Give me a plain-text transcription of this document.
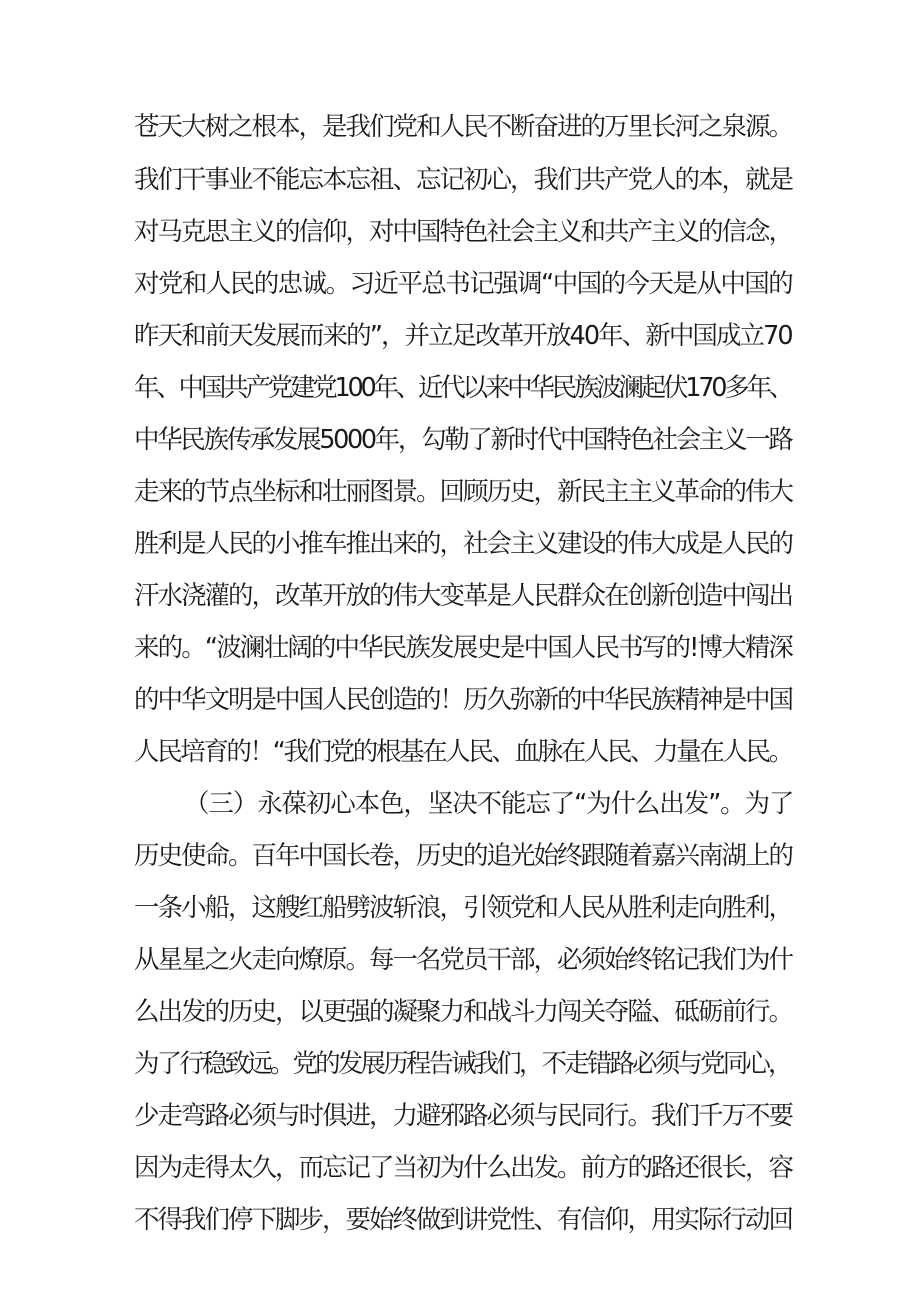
苍天大树之根本，是我们党和人民不断奋进的万里长河之泉源。
我们干事业不能忘本忘祖、忘记初心，我们共产党人的本，就是
对马克思主义的信仰，对中国特色社会主义和共产主义的信念，
对党和人民的忠诚。习近平总书记强调“中国的今天是从中国的
昨天和前天发展而来的”，并立足改革开放40年、新中国成立70
年、中国共产党建党100年、近代以来中华民族波澜起伏170多年、
中华民族传承发展5000年，勾勒了新时代中国特色社会主义一路
走来的节点坐标和壮丽图景。回顾历史，新民主主义革命的伟大
胜利是人民的小推车推出来的，社会主义建设的伟大成是人民的
汗水浇灌的，改革开放的伟大变革是人民群众在创新创造中闯出
来的。“波澜壮阔的中华民族发展史是中国人民书写的!博大精深
的中华文明是中国人民创造的！历久弥新的中华民族精神是中国
人民培育的！“我们党的根基在人民、血脉在人民、力量在人民。
（三）永葆初心本色，坚决不能忘了“为什么出发”。为了
历史使命。百年中国长卷，历史的追光始终跟随着嘉兴南湖上的
一条小船，这艘红船劈波斩浪，引领党和人民从胜利走向胜利，
从星星之火走向燎原。每一名党员干部，必须始终铭记我们为什
么出发的历史，以更强的凝聚力和战斗力闯关夺隘、砥砺前行。
为了行稳致远。党的发展历程告诫我们，不走错路必须与党同心，
少走弯路必须与时俱进，力避邪路必须与民同行。我们千万不要
因为走得太久，而忘记了当初为什么出发。前方的路还很长，容
不得我们停下脚步，要始终做到讲党性、有信仰，用实际行动回
